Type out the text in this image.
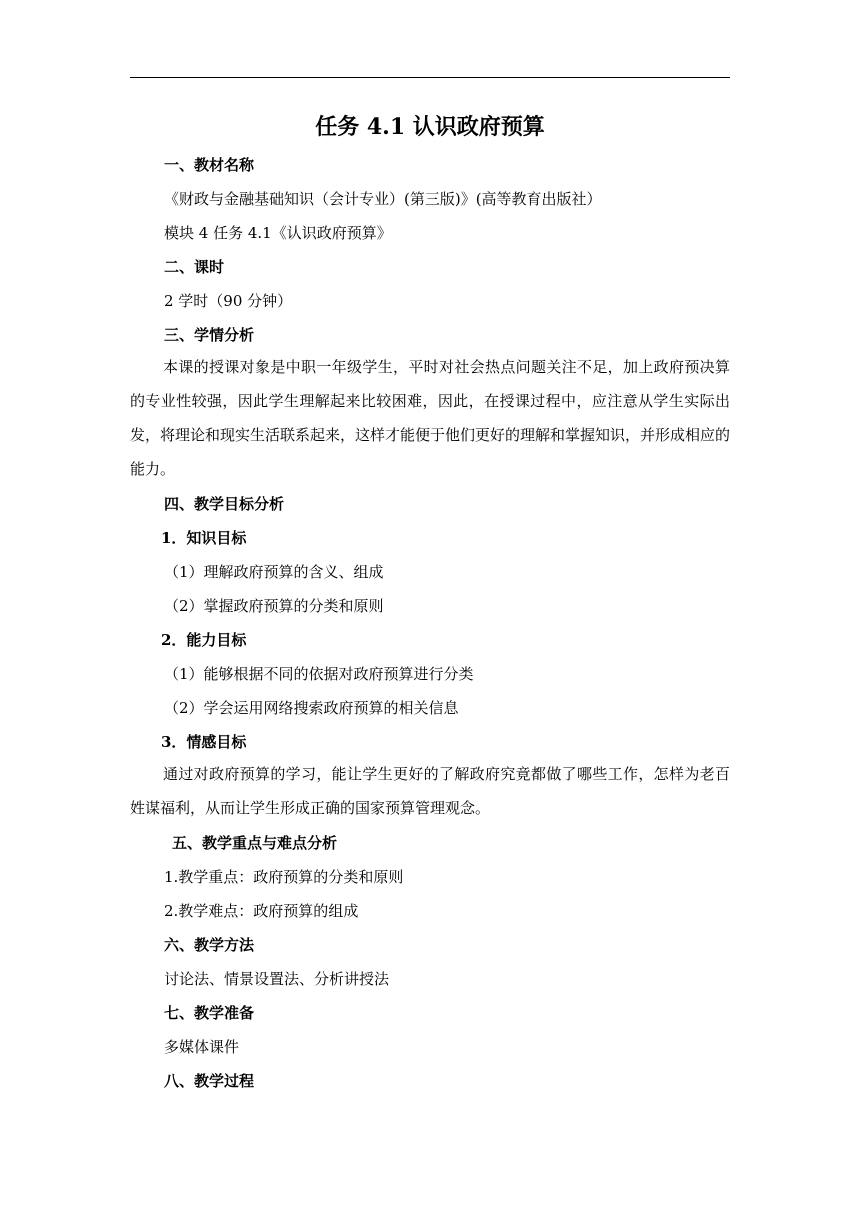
任务 4.1 认识政府预算
一、教材名称
《财政与金融基础知识（会计专业）(第三版)》(高等教育出版社）
模块 4 任务 4.1《认识政府预算》
二、课时
2 学时（90 分钟）
三、学情分析
本课的授课对象是中职一年级学生，平时对社会热点问题关注不足，加上政府预决算的专业性较强，因此学生理解起来比较困难，因此，在授课过程中，应注意从学生实际出发，将理论和现实生活联系起来，这样才能便于他们更好的理解和掌握知识，并形成相应的能力。
四、教学目标分析
1．知识目标
（1）理解政府预算的含义、组成
（2）掌握政府预算的分类和原则
2．能力目标
（1）能够根据不同的依据对政府预算进行分类
（2）学会运用网络搜索政府预算的相关信息
3．情感目标
通过对政府预算的学习，能让学生更好的了解政府究竟都做了哪些工作，怎样为老百姓谋福利，从而让学生形成正确的国家预算管理观念。
五、教学重点与难点分析
1.教学重点：政府预算的分类和原则
2.教学难点：政府预算的组成
六、教学方法
讨论法、情景设置法、分析讲授法
七、教学准备
多媒体课件
八、教学过程
